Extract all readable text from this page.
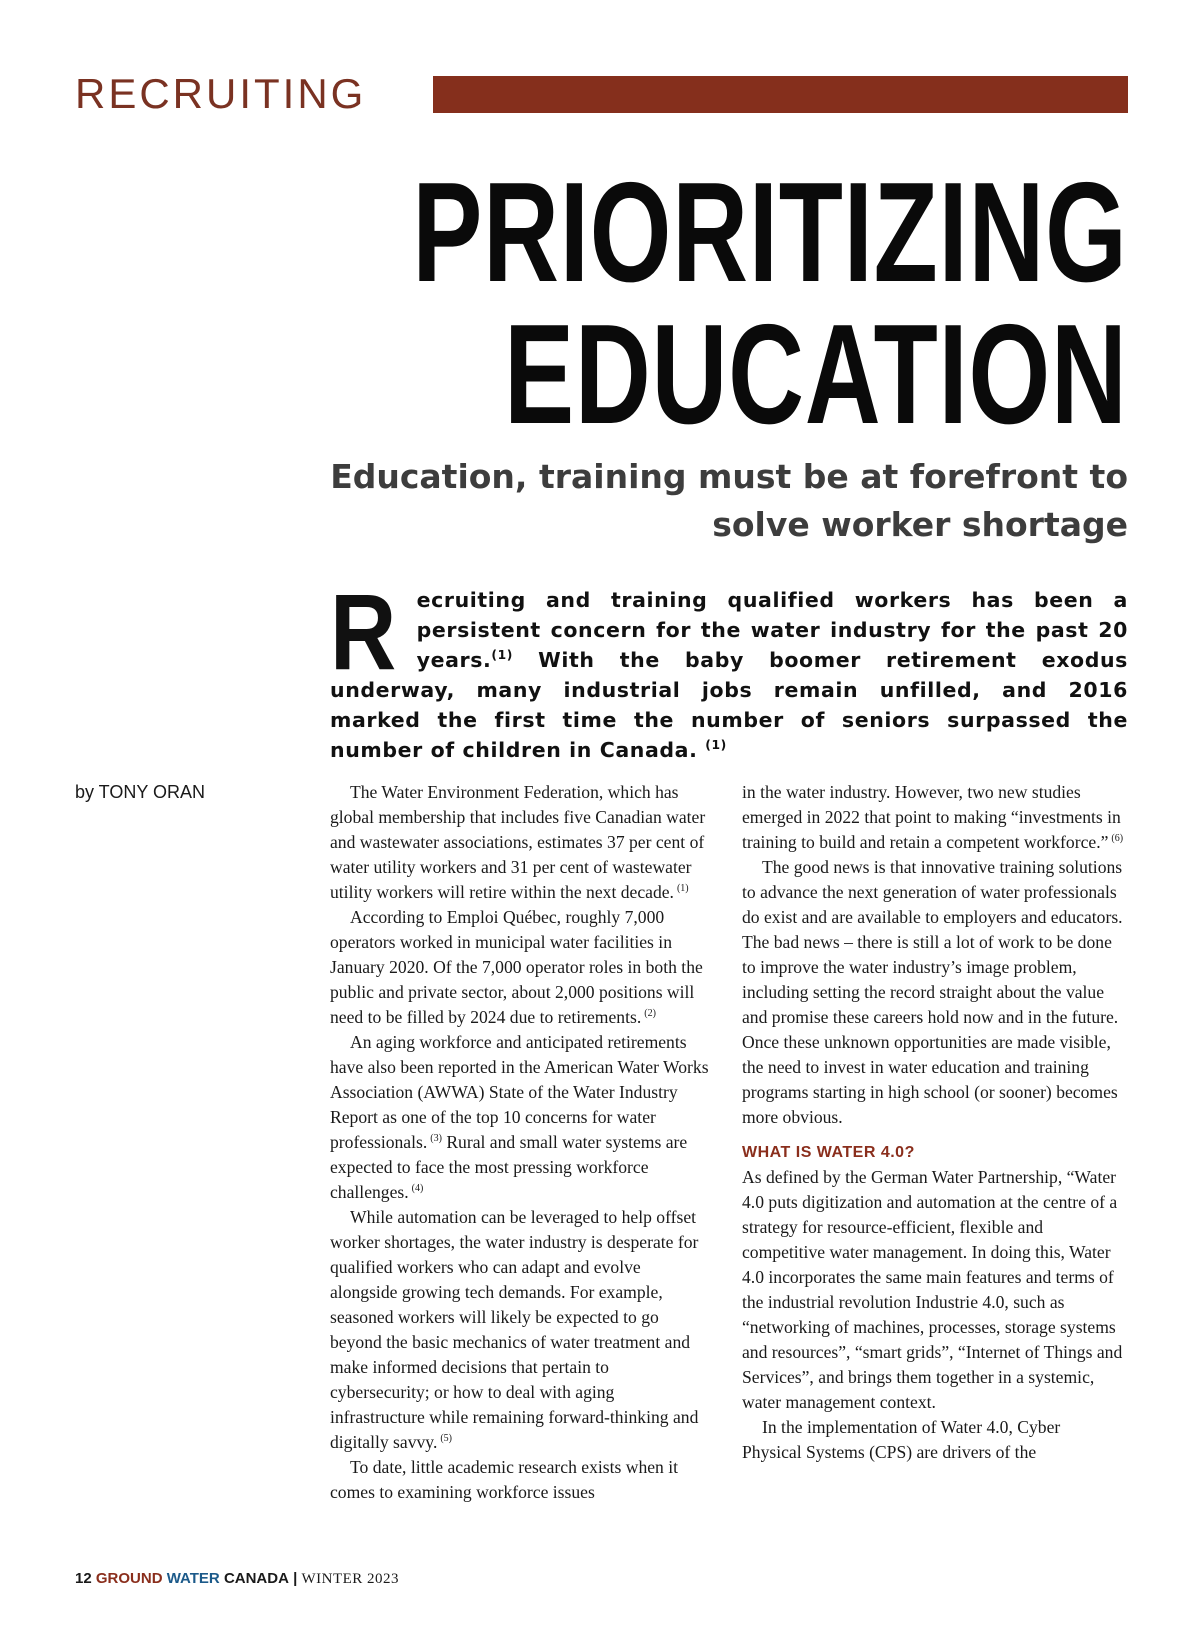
RECRUITING
PRIORITIZING
EDUCATION
Education, training must be at forefront to solve worker shortage
Recruiting and training qualified workers has been a persistent concern for the water industry for the past 20 years.$^{(1)}$ With the baby boomer retirement exodus underway, many industrial jobs remain unfilled, and 2016 marked the first time the number of seniors surpassed the number of children in Canada. $^{(1)}$
by TONY ORAN	The Water Environment Federation, which has global membership that includes five Canadian water and wastewater associations, estimates 37 per cent of water utility workers and 31 per cent of wastewater utility workers will retire within the next decade. $^{(1)}$

According to Emploi Québec, roughly 7,000 operators worked in municipal water facilities in January 2020. Of the 7,000 operator roles in both the public and private sector, about 2,000 positions will need to be filled by 2024 due to retirements. $^{(2)}$

An aging workforce and anticipated retirements have also been reported in the American Water Works Association (AWWA) State of the Water Industry Report as one of the top 10 concerns for water professionals. $^{(3)}$ Rural and small water systems are expected to face the most pressing workforce challenges. $^{(4)}$

While automation can be leveraged to help offset worker shortages, the water industry is desperate for qualified workers who can adapt and evolve alongside growing tech demands. For example, seasoned workers will likely be expected to go beyond the basic mechanics of water treatment and make informed decisions that pertain to cybersecurity; or how to deal with aging infrastructure while remaining forward-thinking and digitally savvy. $^{(5)}$

To date, little academic research exists when it comes to examining workforce issues

in the water industry. However, two new studies emerged in 2022 that point to making “investments in training to build and retain a competent workforce.” $^{(6)}$

The good news is that innovative training solutions to advance the next generation of water professionals do exist and are available to employers and educators. The bad news – there is still a lot of work to be done to improve the water industry’s image problem, including setting the record straight about the value and promise these careers hold now and in the future. Once these unknown opportunities are made visible, the need to invest in water education and training programs starting in high school (or sooner) becomes more obvious.

WHAT IS WATER 4.0?

As defined by the German Water Partnership, “Water 4.0 puts digitization and automation at the centre of a strategy for resource-efficient, flexible and competitive water management. In doing this, Water 4.0 incorporates the same main features and terms of the industrial revolution Industrie 4.0, such as “networking of machines, processes, storage systems and resources”, “smart grids”, “Internet of Things and Services”, and brings them together in a systemic, water management context.

In the implementation of Water 4.0, Cyber Physical Systems (CPS) are drivers of the

12 GROUND WATER CANADA | WINTER 2023
